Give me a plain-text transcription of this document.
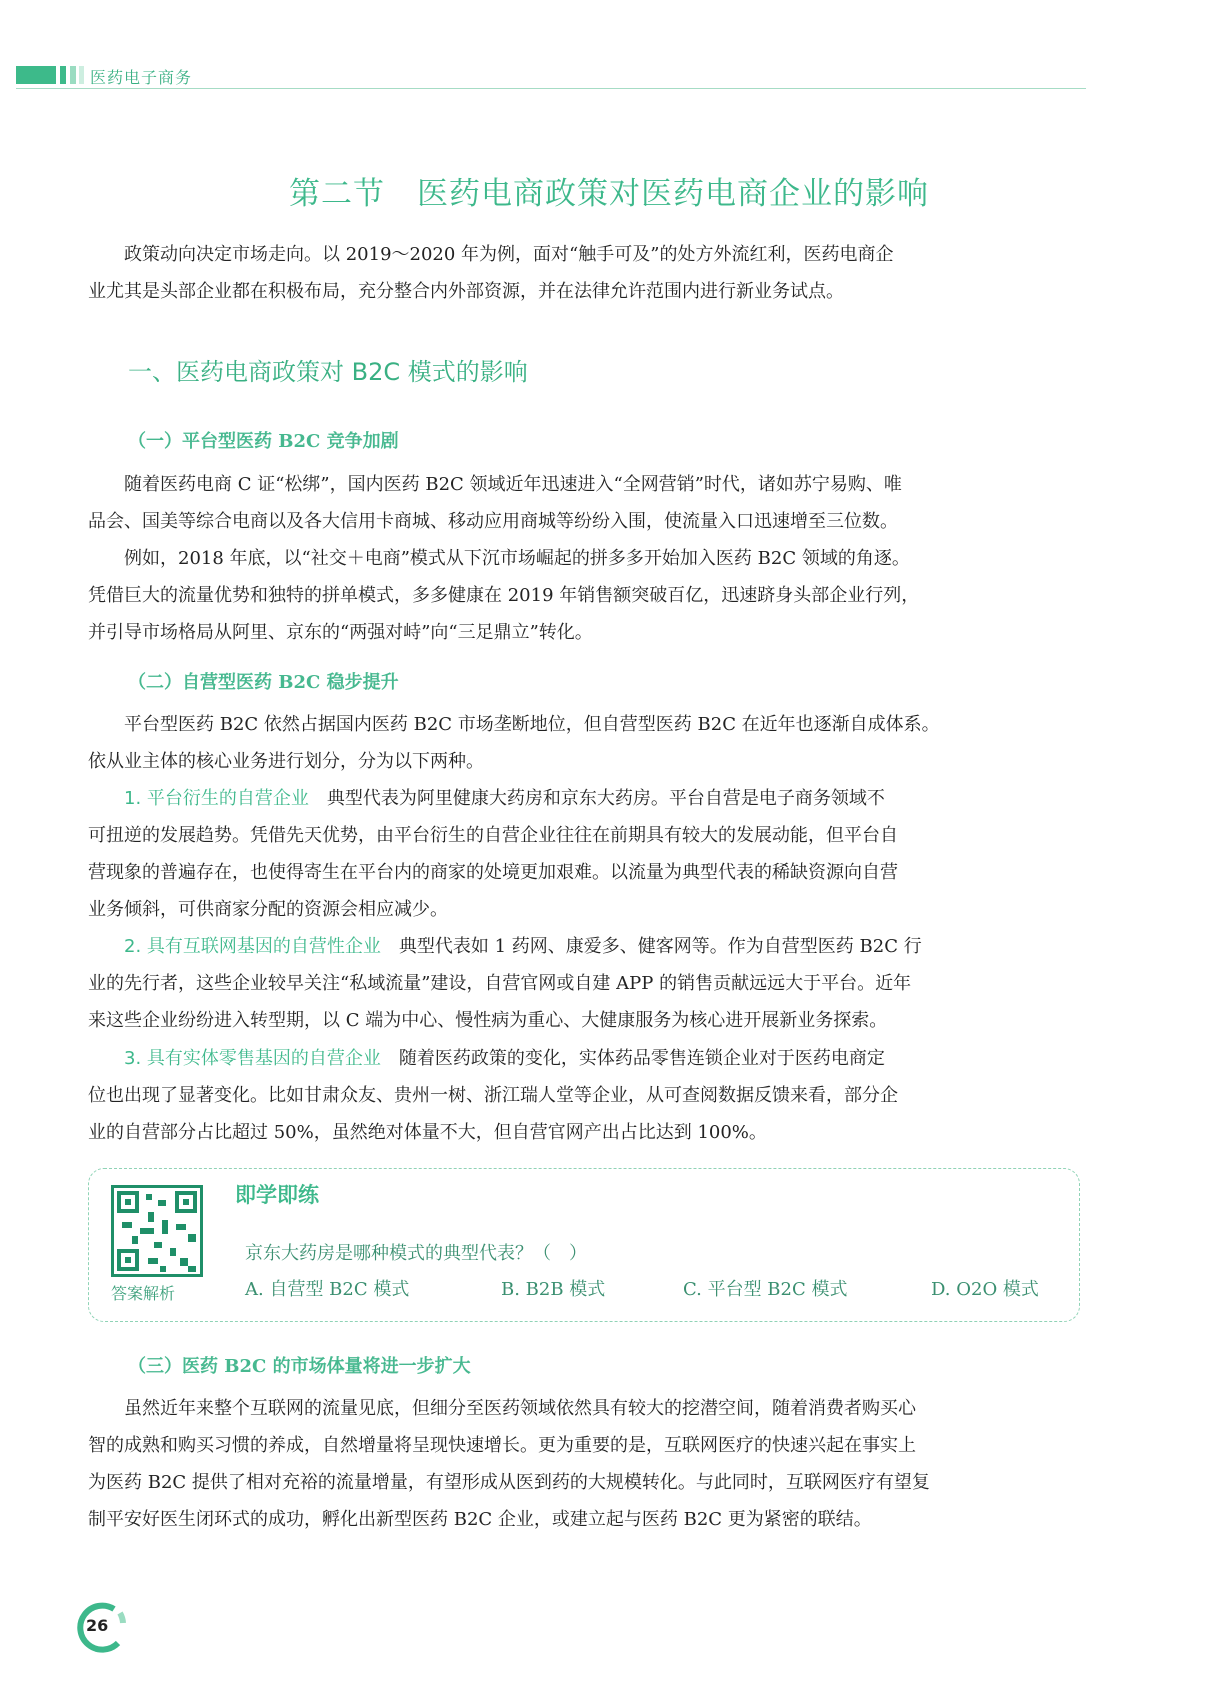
医药电子商务
第二节　医药电商政策对医药电商企业的影响
政策动向决定市场走向。以 2019～2020 年为例，面对“触手可及”的处方外流红利，医药电商企
业尤其是头部企业都在积极布局，充分整合内外部资源，并在法律允许范围内进行新业务试点。
一、医药电商政策对 B2C 模式的影响
（一）平台型医药 B2C 竞争加剧
随着医药电商 C 证“松绑”，国内医药 B2C 领域近年迅速进入“全网营销”时代，诸如苏宁易购、唯
品会、国美等综合电商以及各大信用卡商城、移动应用商城等纷纷入围，使流量入口迅速增至三位数。
例如，2018 年底，以“社交＋电商”模式从下沉市场崛起的拼多多开始加入医药 B2C 领域的角逐。
凭借巨大的流量优势和独特的拼单模式，多多健康在 2019 年销售额突破百亿，迅速跻身头部企业行列，
并引导市场格局从阿里、京东的“两强对峙”向“三足鼎立”转化。
（二）自营型医药 B2C 稳步提升
平台型医药 B2C 依然占据国内医药 B2C 市场垄断地位，但自营型医药 B2C 在近年也逐渐自成体系。
依从业主体的核心业务进行划分，分为以下两种。
1. 平台衍生的自营企业　 典型代表为阿里健康大药房和京东大药房。平台自营是电子商务领域不
可扭逆的发展趋势。凭借先天优势，由平台衍生的自营企业往往在前期具有较大的发展动能，但平台自
营现象的普遍存在，也使得寄生在平台内的商家的处境更加艰难。以流量为典型代表的稀缺资源向自营
业务倾斜，可供商家分配的资源会相应减少。
2. 具有互联网基因的自营性企业　 典型代表如 1 药网、康爱多、健客网等。作为自营型医药 B2C 行
业的先行者，这些企业较早关注“私域流量”建设，自营官网或自建 APP 的销售贡献远远大于平台。近年
来这些企业纷纷进入转型期，以 C 端为中心、慢性病为重心、大健康服务为核心进开展新业务探索。
3. 具有实体零售基因的自营企业　 随着医药政策的变化，实体药品零售连锁企业对于医药电商定
位也出现了显著变化。比如甘肃众友、贵州一树、浙江瑞人堂等企业，从可查阅数据反馈来看，部分企
业的自营部分占比超过 50%，虽然绝对体量不大，但自营官网产出占比达到 100%。
答案解析
即学即练
京东大药房是哪种模式的典型代表？（　）
A. 自营型 B2C 模式	B. B2B 模式	C. 平台型 B2C 模式	D. O2O 模式
（三）医药 B2C 的市场体量将进一步扩大
虽然近年来整个互联网的流量见底，但细分至医药领域依然具有较大的挖潜空间，随着消费者购买心
智的成熟和购买习惯的养成，自然增量将呈现快速增长。更为重要的是，互联网医疗的快速兴起在事实上
为医药 B2C 提供了相对充裕的流量增量，有望形成从医到药的大规模转化。与此同时，互联网医疗有望复
制平安好医生闭环式的成功，孵化出新型医药 B2C 企业，或建立起与医药 B2C 更为紧密的联结。
26
